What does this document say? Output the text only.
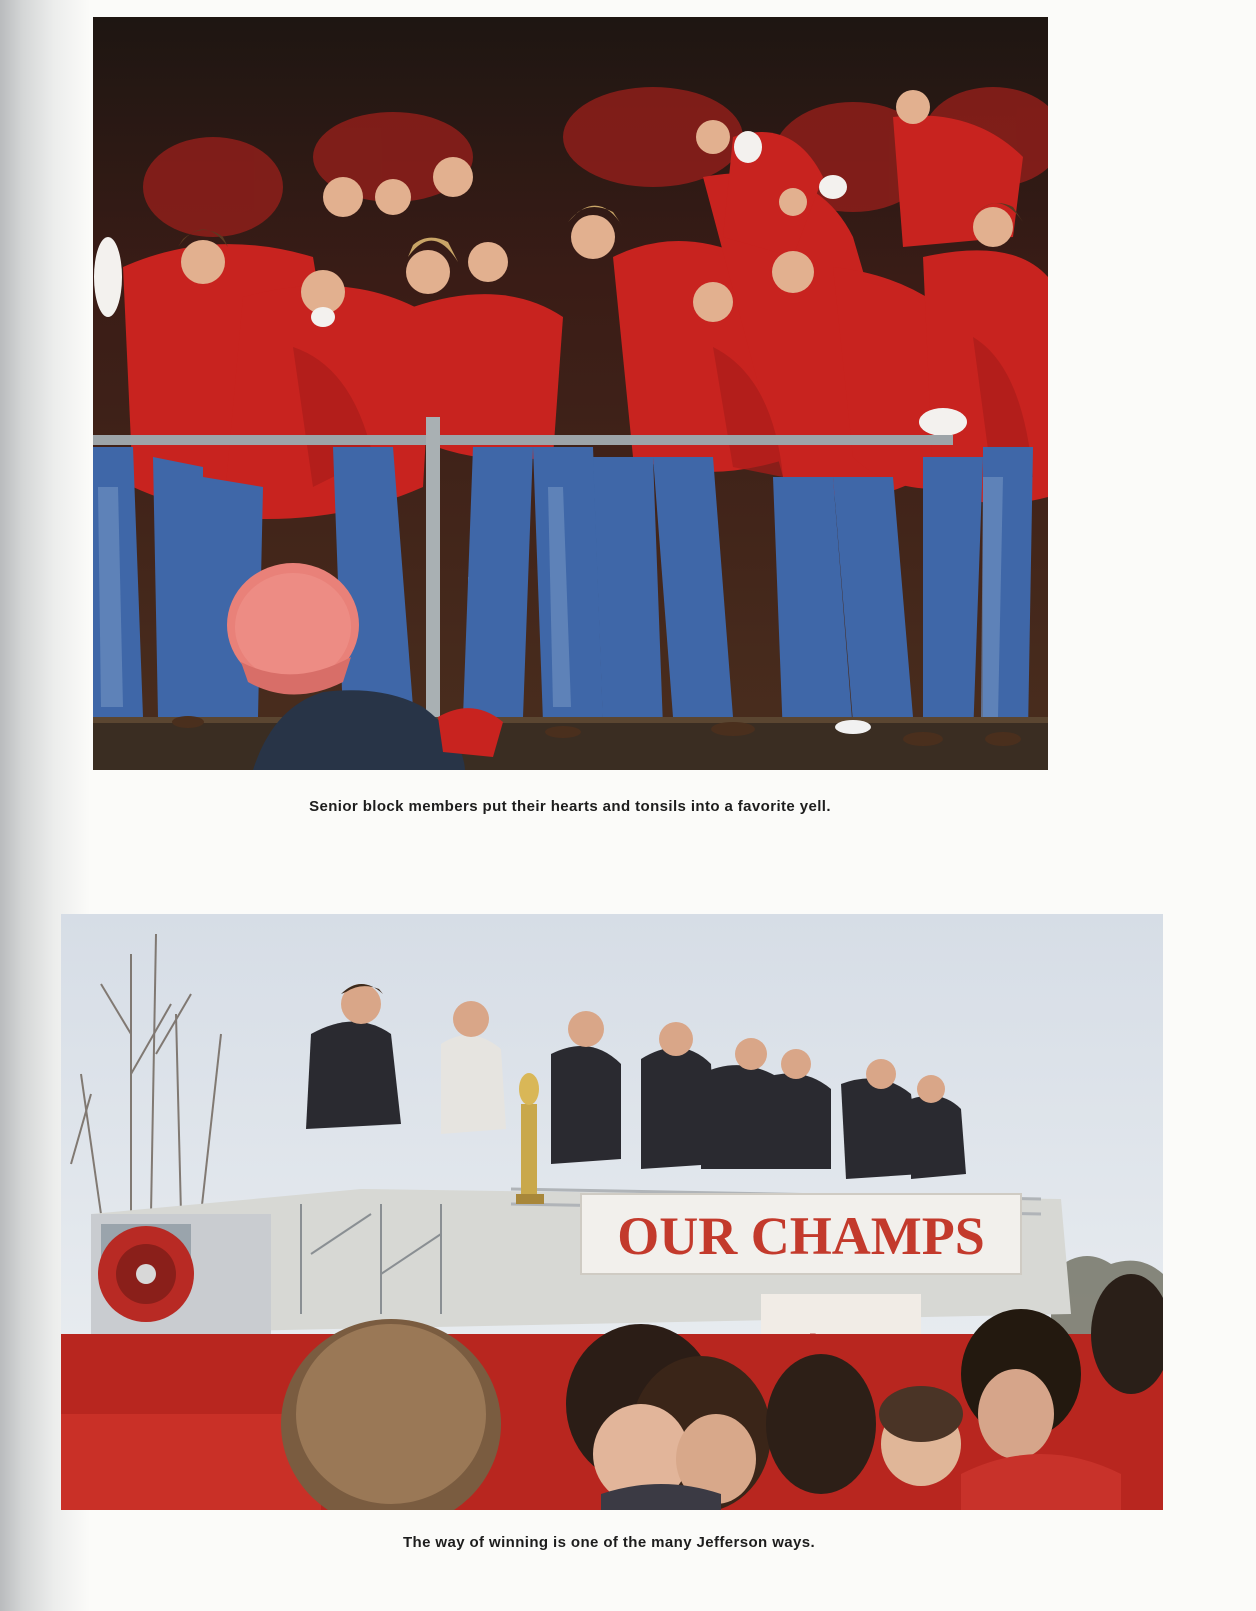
Senior block members put their hearts and tonsils into a favorite yell.
OUR CHAMPS
The way of winning is one of the many Jefferson ways.
